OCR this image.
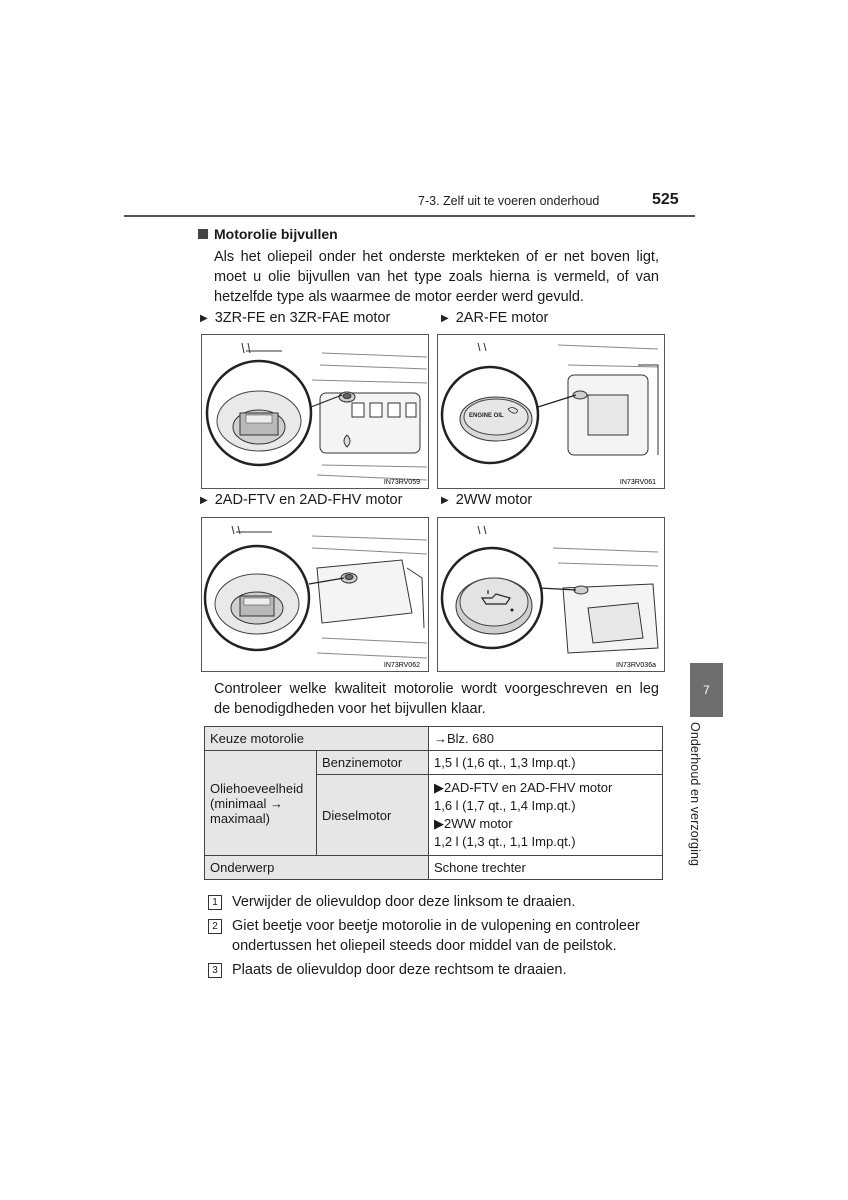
7-3. Zelf uit te voeren onderhoud	525
Motorolie bijvullen
Als het oliepeil onder het onderste merkteken of er net boven ligt,
moet u olie bijvullen van het type zoals hierna is vermeld, of van
hetzelfde type als waarmee de motor eerder werd gevuld.
▶ 3ZR-FE en 3ZR-FAE motor	▶ 2AR-FE motor
▶ 2AD-FTV en 2AD-FHV motor	▶ 2WW motor
IN73RV059
ENGINE OIL
IN73RV061
IN73RV062	IN73RV036a
Controleer welke kwaliteit motorolie wordt voorgeschreven en leg
de benodigdheden voor het bijvullen klaar.
Keuze motorolie		→Blz. 680
Oliehoeveelheid (minimaal → maximaal)	Benzinemotor	1,5 l (1,6 qt., 1,3 Imp.qt.)
	Dieselmotor	▶2AD-FTV en 2AD-FHV motor
1,6 l (1,7 qt., 1,4 Imp.qt.)
▶2WW motor
1,2 l (1,3 qt., 1,1 Imp.qt.)

Onderwerp		Schone trechter
1 Verwijder de olievuldop door deze linksom te draaien.
2 Giet beetje voor beetje motorolie in de vulopening en controleer
ondertussen het oliepeil steeds door middel van de peilstok.
3 Plaats de olievuldop door deze rechtsom te draaien.
7
Onderhoud en verzorging
